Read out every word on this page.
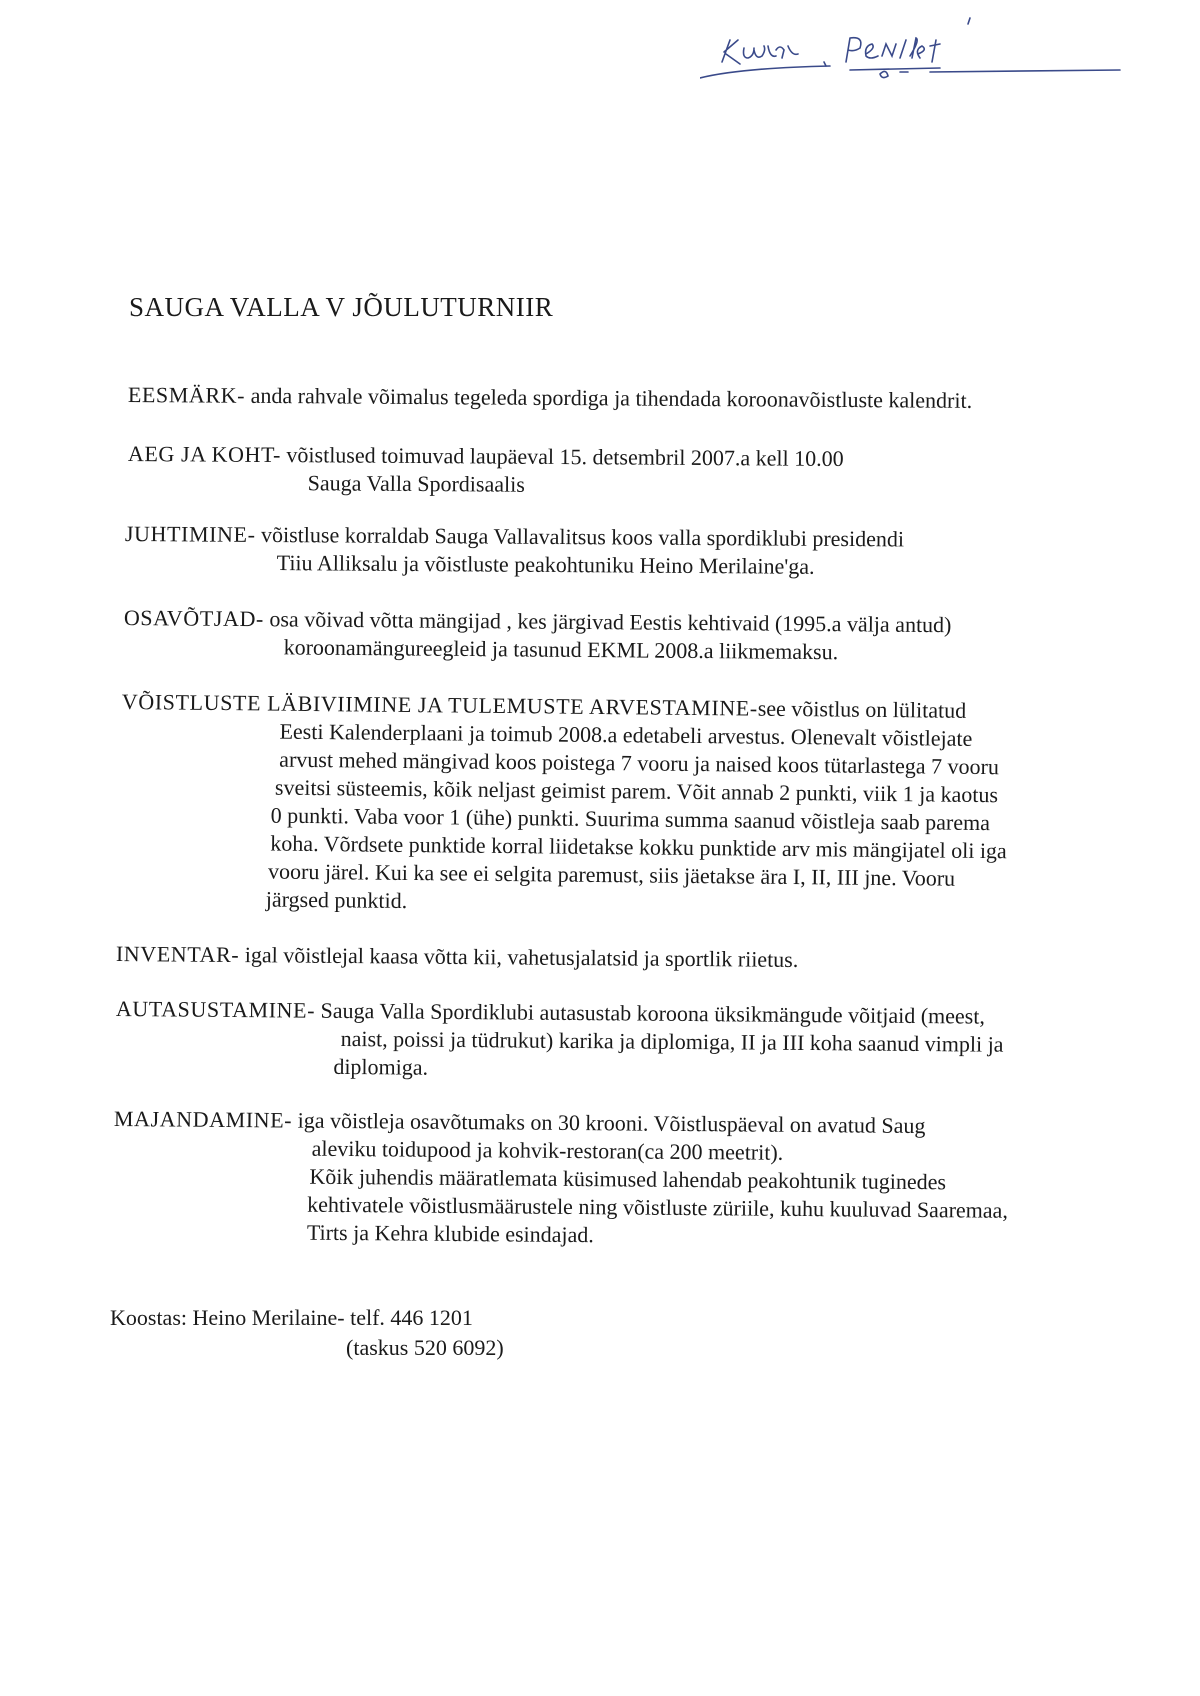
SAUGA VALLA V JÕULUTURNIIR
EESMÄRK- anda rahvale võimalus tegeleda spordiga ja tihendada koroonavõistluste kalendrit.
AEG JA KOHT- võistlused toimuvad laupäeval 15. detsembril 2007.a kell 10.00
Sauga Valla Spordisaalis
JUHTIMINE- võistluse korraldab Sauga Vallavalitsus koos valla spordiklubi presidendi
Tiiu Alliksalu ja võistluste peakohtuniku Heino Merilaine'ga.
OSAVÕTJAD- osa võivad võtta mängijad , kes järgivad Eestis kehtivaid (1995.a välja antud)
koroonamängureegleid ja tasunud EKML 2008.a liikmemaksu.
VÕISTLUSTE LÄBIVIIMINE JA TULEMUSTE ARVESTAMINE-see võistlus on lülitatud
Eesti Kalenderplaani ja toimub 2008.a edetabeli arvestus. Olenevalt võistlejate
arvust mehed mängivad koos poistega 7 vooru ja naised koos tütarlastega 7 vooru
sveitsi süsteemis, kõik neljast geimist parem. Võit annab 2 punkti, viik 1 ja kaotus
0 punkti. Vaba voor 1 (ühe) punkti. Suurima summa saanud võistleja saab parema
koha. Võrdsete punktide korral liidetakse kokku punktide arv mis mängijatel oli iga
vooru järel. Kui ka see ei selgita paremust, siis jäetakse ära I, II, III jne. Vooru
järgsed punktid.
INVENTAR- igal võistlejal kaasa võtta kii, vahetusjalatsid ja sportlik riietus.
AUTASUSTAMINE- Sauga Valla Spordiklubi autasustab koroona üksikmängude võitjaid (meest,
naist, poissi ja tüdrukut) karika ja diplomiga, II ja III koha saanud vimpli ja
diplomiga.
MAJANDAMINE- iga võistleja osavõtumaks on 30 krooni. Võistluspäeval on avatud Saug
aleviku toidupood ja kohvik-restoran(ca 200 meetrit).
Kõik juhendis määratlemata küsimused lahendab peakohtunik tuginedes
kehtivatele võistlusmäärustele ning võistluste züriile, kuhu kuuluvad Saaremaa,
Tirts ja Kehra klubide esindajad.
Koostas: Heino Merilaine- telf. 446 1201
(taskus 520 6092)
